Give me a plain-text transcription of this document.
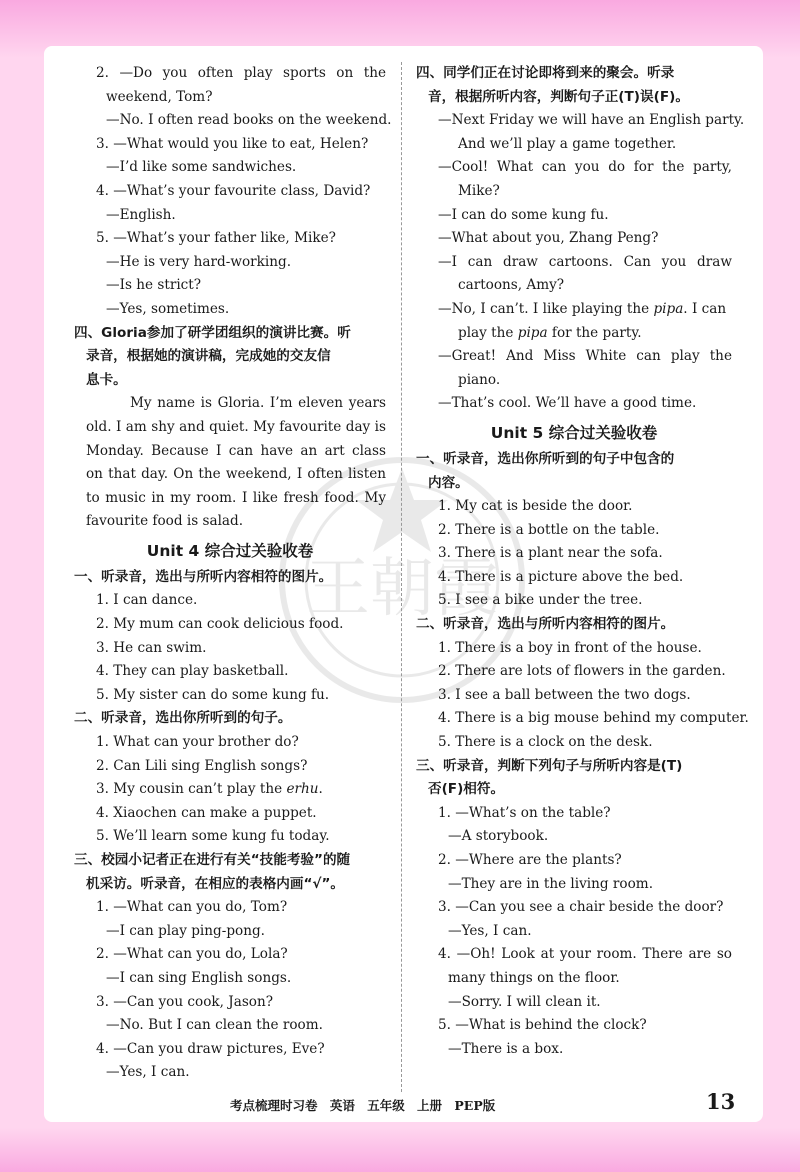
王朝霞
2. —Do you often play sports on the
weekend, Tom?
—No. I often read books on the weekend.
3. —What would you like to eat, Helen?
—I’d like some sandwiches.
4. —What’s your favourite class, David?
—English.
5. —What’s your father like, Mike?
—He is very hard-working.
—Is he strict?
—Yes, sometimes.
四、Gloria参加了研学团组织的演讲比赛。听
录音，根据她的演讲稿，完成她的交友信
息卡。
My name is Gloria. I’m eleven years old. I am shy and quiet. My favourite day is Monday. Because I can have an art class on that day. On the weekend, I often listen to music in my room. I like fresh food. My favourite food is salad.
Unit 4 综合过关验收卷
一、听录音，选出与所听内容相符的图片。
1. I can dance.
2. My mum can cook delicious food.
3. He can swim.
4. They can play basketball.
5. My sister can do some kung fu.
二、听录音，选出你所听到的句子。
1. What can your brother do?
2. Can Lili sing English songs?
3. My cousin can’t play the erhu.
4. Xiaochen can make a puppet.
5. We’ll learn some kung fu today.
三、校园小记者正在进行有关“技能考验”的随
机采访。听录音，在相应的表格内画“√”。
1. —What can you do, Tom?
—I can play ping-pong.
2. —What can you do, Lola?
—I can sing English songs.
3. —Can you cook, Jason?
—No. But I can clean the room.
4. —Can you draw pictures, Eve?
—Yes, I can.
四、同学们正在讨论即将到来的聚会。听录
音，根据所听内容，判断句子正(T)误(F)。
—Next Friday we will have an English party.
And we’ll play a game together.
—Cool! What can you do for the party,
Mike?
—I can do some kung fu.
—What about you, Zhang Peng?
—I can draw cartoons. Can you draw
cartoons, Amy?
—No, I can’t. I like playing the pipa. I can
play the pipa for the party.
—Great! And Miss White can play the
piano.
—That’s cool. We’ll have a good time.
Unit 5 综合过关验收卷
一、听录音，选出你所听到的句子中包含的
内容。
1. My cat is beside the door.
2. There is a bottle on the table.
3. There is a plant near the sofa.
4. There is a picture above the bed.
5. I see a bike under the tree.
二、听录音，选出与所听内容相符的图片。
1. There is a boy in front of the house.
2. There are lots of flowers in the garden.
3. I see a ball between the two dogs.
4. There is a big mouse behind my computer.
5. There is a clock on the desk.
三、听录音，判断下列句子与所听内容是(T)
否(F)相符。
1. —What’s on the table?
—A storybook.
2. —Where are the plants?
—They are in the living room.
3. —Can you see a chair beside the door?
—Yes, I can.
4. —Oh! Look at your room. There are so
many things on the floor.
—Sorry. I will clean it.
5. —What is behind the clock?
—There is a box.
考点梳理时习卷 英语 五年级 上册 PEP版	13
